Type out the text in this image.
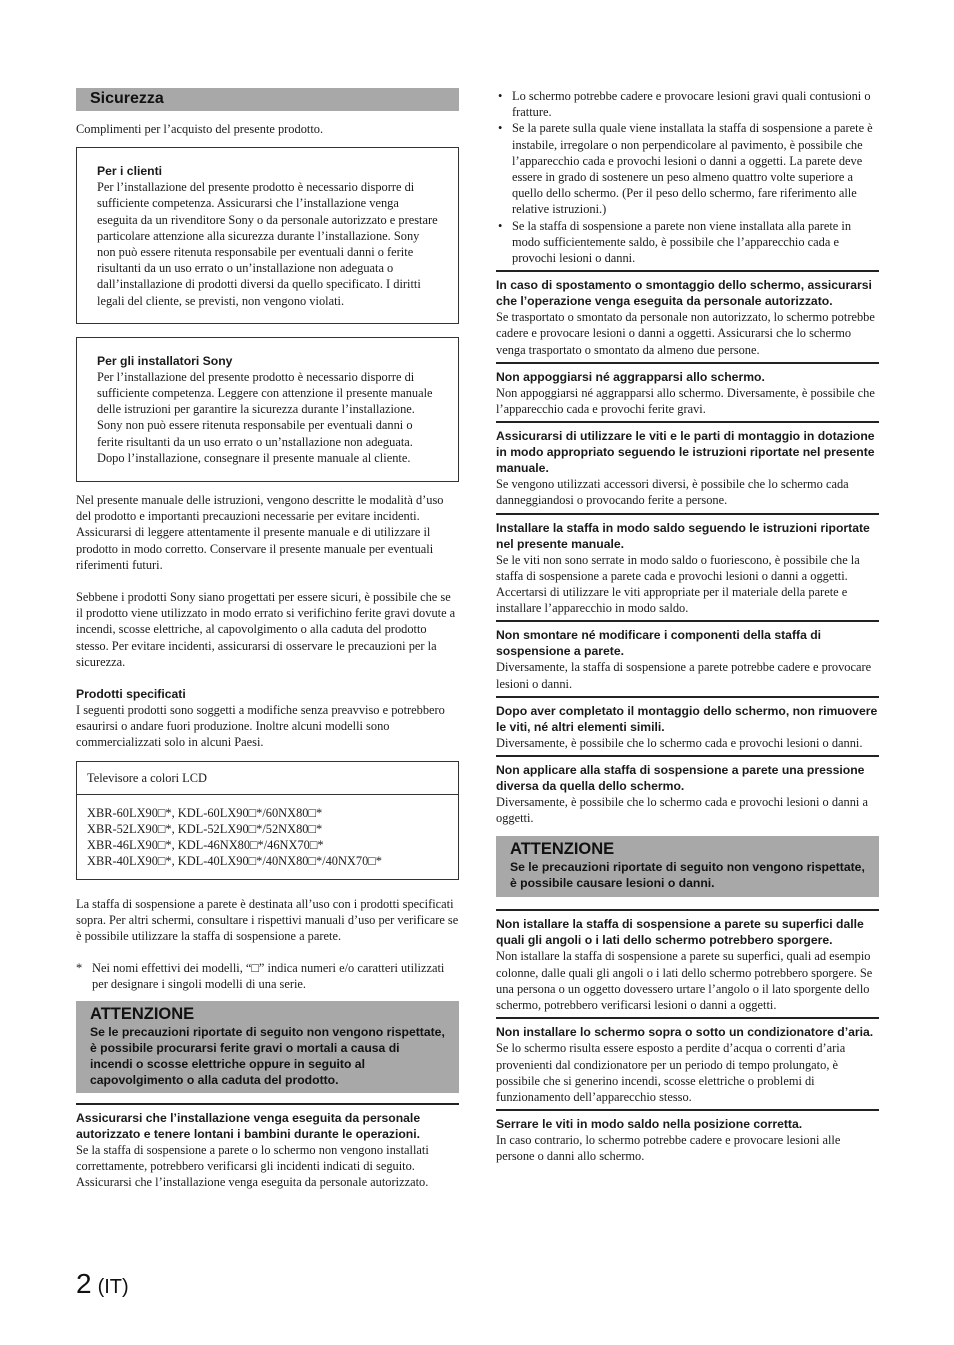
Sicurezza

Complimenti per l’acquisto del presente prodotto.

Per i clienti

Per l’installazione del presente prodotto è necessario disporre di sufficiente competenza. Assicurarsi che l’installazione venga eseguita da un rivenditore Sony o da personale autorizzato e prestare particolare attenzione alla sicurezza durante l’installazione. Sony non può essere ritenuta responsabile per eventuali danni o ferite risultanti da un uso errato o un’installazione non adeguata o dall’installazione di prodotti diversi da quello specificato. I diritti legali del cliente, se previsti, non vengono violati.

Per gli installatori Sony

Per l’installazione del presente prodotto è necessario disporre di sufficiente competenza. Leggere con attenzione il presente manuale delle istruzioni per garantire la sicurezza durante l’installazione. Sony non può essere ritenuta responsabile per eventuali danni o ferite risultanti da un uso errato o un’nstallazione non adeguata. Dopo l’installazione, consegnare il presente manuale al cliente.

Nel presente manuale delle istruzioni, vengono descritte le modalità d’uso del prodotto e importanti precauzioni necessarie per evitare incidenti. Assicurarsi di leggere attentamente il presente manuale e di utilizzare il prodotto in modo corretto. Conservare il presente manuale per eventuali riferimenti futuri.

Sebbene i prodotti Sony siano progettati per essere sicuri, è possibile che se il prodotto viene utilizzato in modo errato si verifichino ferite gravi dovute a incendi, scosse elettriche, al capovolgimento o alla caduta del prodotto stesso. Per evitare incidenti, assicurarsi di osservare le precauzioni per la sicurezza.

Prodotti specificati

I seguenti prodotti sono soggetti a modifiche senza preavviso e potrebbero esaurirsi o andare fuori produzione. Inoltre alcuni modelli sono commercializzati solo in alcuni Paesi.

Televisore a colori LCD

XBR-60LX90□*, KDL-60LX90□*/60NX80□*

XBR-52LX90□*, KDL-52LX90□*/52NX80□*

XBR-46LX90□*, KDL-46NX80□*/46NX70□*

XBR-40LX90□*, KDL-40LX90□*/40NX80□*/40NX70□*

La staffa di sospensione a parete è destinata all’uso con i prodotti specificati sopra. Per altri schermi, consultare i rispettivi manuali d’uso per verificare se è possibile utilizzare la staffa di sospensione a parete.

* Nei nomi effettivi dei modelli, “□” indica numeri e/o caratteri utilizzati per designare i singoli modelli di una serie.

ATTENZIONE
Se le precauzioni riportate di seguito non vengono rispettate, è possibile procurarsi ferite gravi o mortali a causa di incendi o scosse elettriche oppure in seguito al capovolgimento o alla caduta del prodotto.
Assicurarsi che l’installazione venga eseguita da personale autorizzato e tenere lontani i bambini durante le operazioni.

Se la staffa di sospensione a parete o lo schermo non vengono installati correttamente, potrebbero verificarsi gli incidenti indicati di seguito. Assicurarsi che l’installazione venga eseguita da personale autorizzato.

• Lo schermo potrebbe cadere e provocare lesioni gravi quali contusioni o fratture.
• Se la parete sulla quale viene installata la staffa di sospensione a parete è instabile, irregolare o non perpendicolare al pavimento, è possibile che l’apparecchio cada e provochi lesioni o danni a oggetti. La parete deve essere in grado di sostenere un peso almeno quattro volte superiore a quello dello schermo. (Per il peso dello schermo, fare riferimento alle relative istruzioni.)
• Se la staffa di sospensione a parete non viene installata alla parete in modo sufficientemente saldo, è possibile che l’apparecchio cada e provochi lesioni o danni.
In caso di spostamento o smontaggio dello schermo, assicurarsi che l’operazione venga eseguita da personale autorizzato.

Se trasportato o smontato da personale non autorizzato, lo schermo potrebbe cadere e provocare lesioni o danni a oggetti. Assicurarsi che lo schermo venga trasportato o smontato da almeno due persone.

Non appoggiarsi né aggrapparsi allo schermo.

Non appoggiarsi né aggrapparsi allo schermo. Diversamente, è possibile che l’apparecchio cada e provochi ferite gravi.

Assicurarsi di utilizzare le viti e le parti di montaggio in dotazione in modo appropriato seguendo le istruzioni riportate nel presente manuale.

Se vengono utilizzati accessori diversi, è possibile che lo schermo cada danneggiandosi o provocando ferite a persone.

Installare la staffa in modo saldo seguendo le istruzioni riportate nel presente manuale.

Se le viti non sono serrate in modo saldo o fuoriescono, è possibile che la staffa di sospensione a parete cada e provochi lesioni o danni a oggetti. Accertarsi di utilizzare le viti appropriate per il materiale della parete e installare l’apparecchio in modo saldo.

Non smontare né modificare i componenti della staffa di sospensione a parete.

Diversamente, la staffa di sospensione a parete potrebbe cadere e provocare lesioni o danni.

Dopo aver completato il montaggio dello schermo, non rimuovere le viti, né altri elementi simili.

Diversamente, è possibile che lo schermo cada e provochi lesioni o danni.

Non applicare alla staffa di sospensione a parete una pressione diversa da quella dello schermo.

Diversamente, è possibile che lo schermo cada e provochi lesioni o danni a oggetti.

ATTENZIONE
Se le precauzioni riportate di seguito non vengono rispettate, è possibile causare lesioni o danni.
Non istallare la staffa di sospensione a parete su superfici dalle quali gli angoli o i lati dello schermo potrebbero sporgere.

Non istallare la staffa di sospensione a parete su superfici, quali ad esempio colonne, dalle quali gli angoli o i lati dello schermo potrebbero sporgere. Se una persona o un oggetto dovessero urtare l’angolo o il lato sporgente dello schermo, potrebbero verificarsi lesioni o danni a oggetti.

Non installare lo schermo sopra o sotto un condizionatore d’aria.

Se lo schermo risulta essere esposto a perdite d’acqua o correnti d’aria provenienti dal condizionatore per un periodo di tempo prolungato, è possibile che si generino incendi, scosse elettriche o problemi di funzionamento dell’apparecchio stesso.

Serrare le viti in modo saldo nella posizione corretta.

In caso contrario, lo schermo potrebbe cadere e provocare lesioni alle persone o danni allo schermo.

2 (IT)
